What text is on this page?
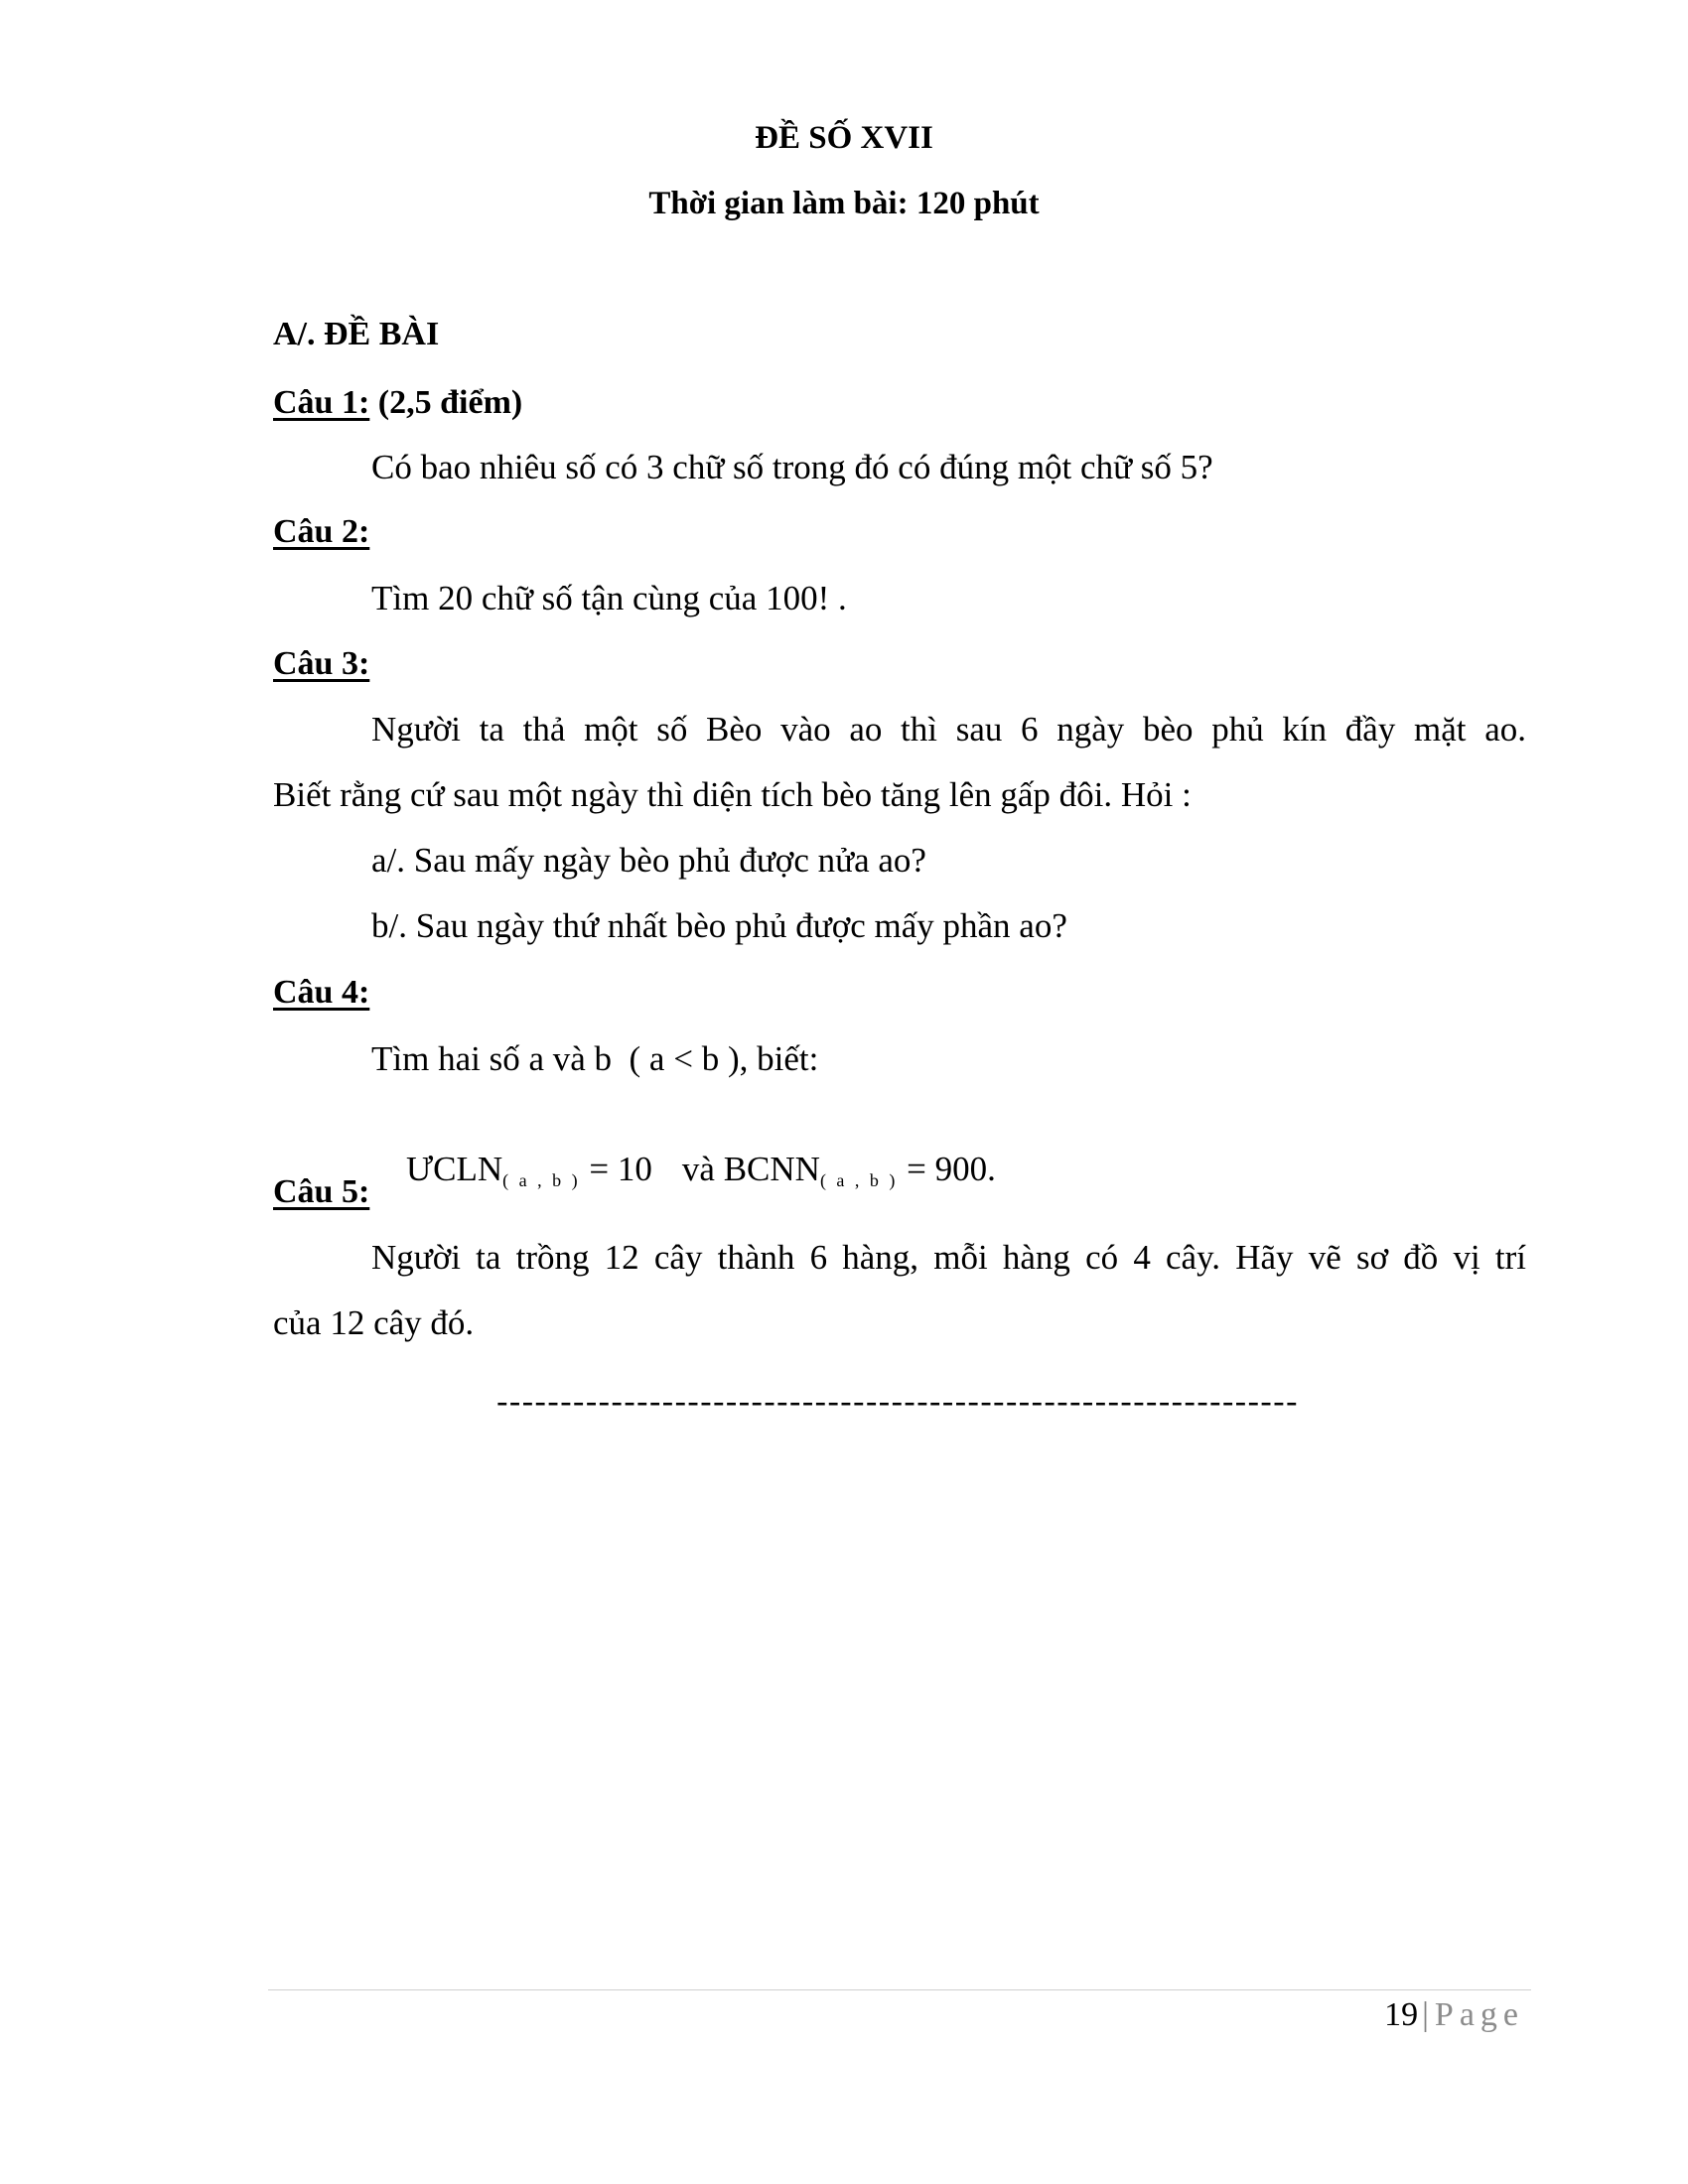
ĐỀ SỐ XVII
Thời gian làm bài: 120 phút
A/. ĐỀ BÀI
Câu 1: (2,5 điểm)
Có bao nhiêu số có 3 chữ số trong đó có đúng một chữ số 5?
Câu 2:
Tìm 20 chữ số tận cùng của 100! .
Câu 3:
Người ta thả một số Bèo vào ao thì sau 6 ngày bèo phủ kín đầy mặt ao.
Biết rằng cứ sau một ngày thì diện tích bèo tăng lên gấp đôi. Hỏi :
a/. Sau mấy ngày bèo phủ được nửa ao?
b/. Sau ngày thứ nhất bèo phủ được mấy phần ao?
Câu 4:
Tìm hai số a và b  ( a < b ), biết:

$ƯCLN_{( a , b )} = 10$ và $BCNN_{( a , b )} = 900$.

Câu 5:
Người ta trồng 12 cây thành 6 hàng, mỗi hàng có 4 cây. Hãy vẽ sơ đồ vị trí
của 12 cây đó.
---------------------------------------------------------------
19 | Page
